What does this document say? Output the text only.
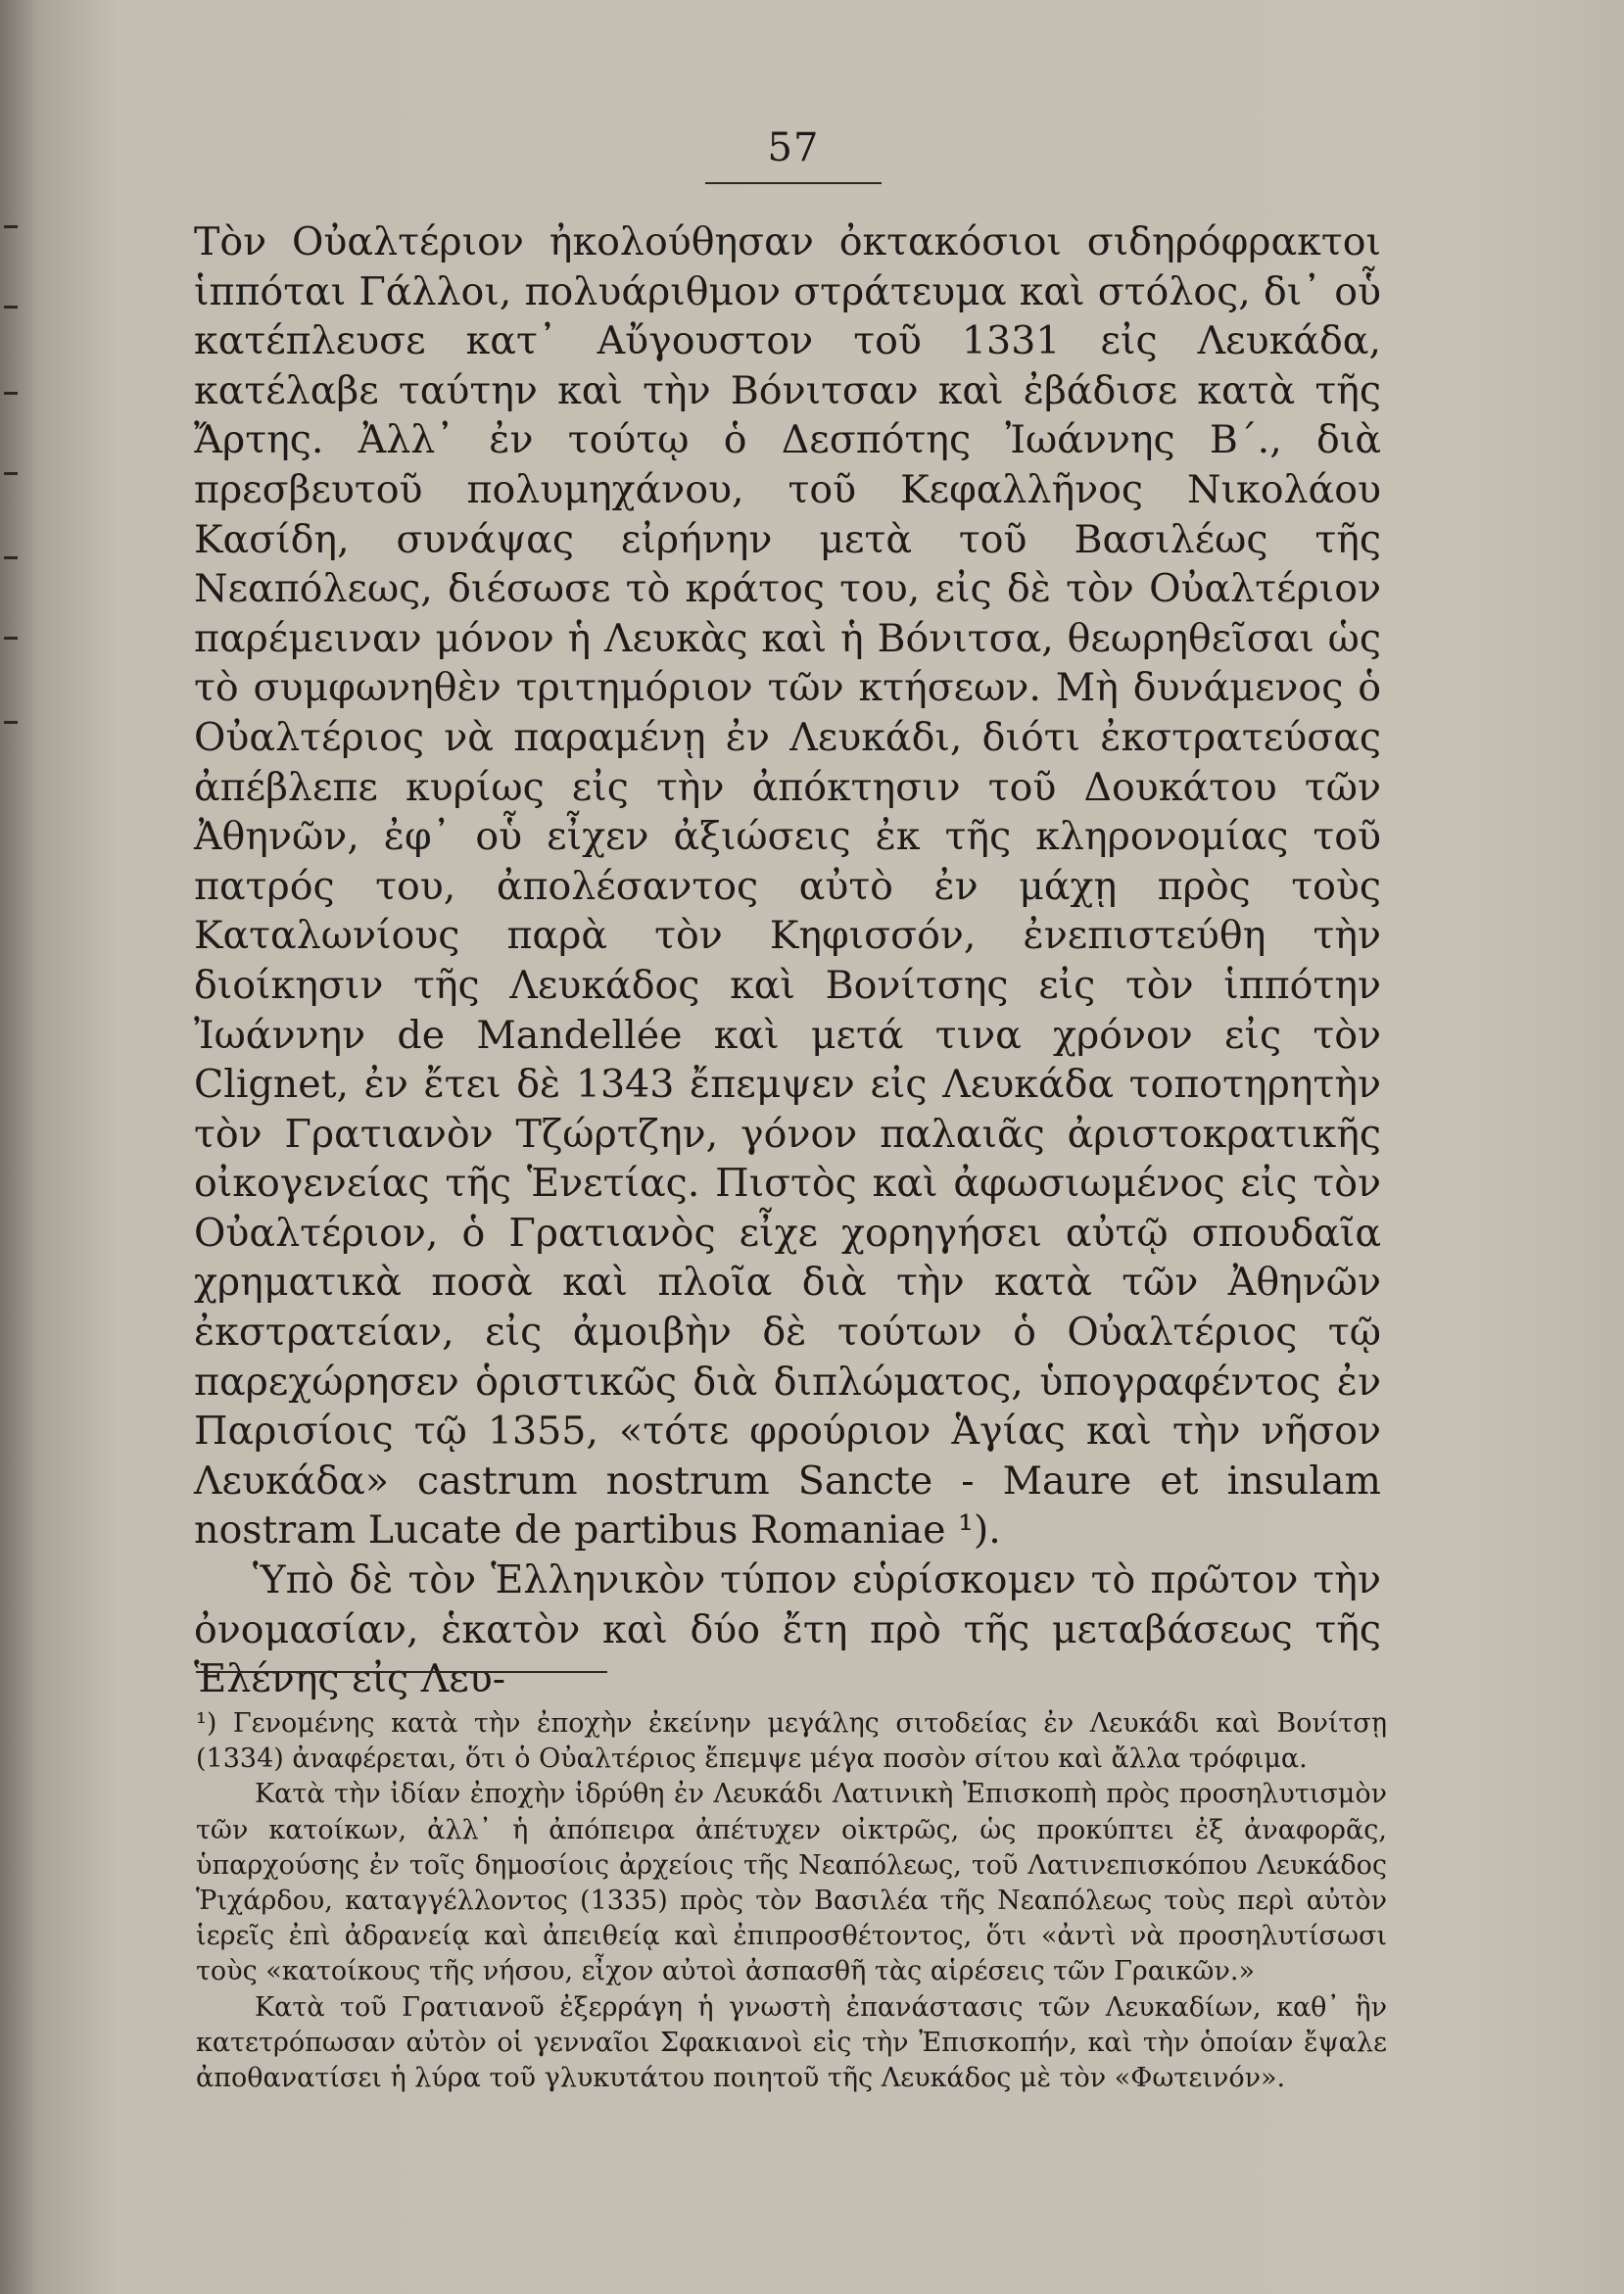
57

Τὸν Οὐαλτέριον ἠκολούθησαν ὀκτακόσιοι σιδηρόφρακτοι ἱππόται Γάλλοι, πολυάριθμον στράτευμα καὶ στόλος, δι᾽ οὗ κατέπλευσε κατ᾽ Αὔγουστον τοῦ 1331 εἰς Λευκάδα, κατέλαβε ταύτην καὶ τὴν Βόνιτσαν καὶ ἐβάδισε κατὰ τῆς Ἄρτης. Ἀλλ᾽ ἐν τούτῳ ὁ Δεσπότης Ἰωάννης Β΄., διὰ πρεσβευτοῦ πολυμηχάνου, τοῦ Κεφαλλῆνος Νικολάου Κασίδη, συνάψας εἰρήνην μετὰ τοῦ Βασιλέως τῆς Νεαπόλεως, διέσωσε τὸ κράτος του, εἰς δὲ τὸν Οὐαλτέριον παρέμειναν μόνον ἡ Λευκὰς καὶ ἡ Βόνιτσα, θεωρηθεῖσαι ὡς τὸ συμφωνηθὲν τριτημόριον τῶν κτήσεων. Μὴ δυνάμενος ὁ Οὐαλτέριος νὰ παραμένῃ ἐν Λευκάδι, διότι ἐκστρατεύσας ἀπέβλεπε κυρίως εἰς τὴν ἀπόκτησιν τοῦ Δουκάτου τῶν Ἀθηνῶν, ἐφ᾽ οὗ εἶχεν ἀξιώσεις ἐκ τῆς κληρονομίας τοῦ πατρός του, ἀπολέσαντος αὐτὸ ἐν μάχῃ πρὸς τοὺς Καταλωνίους παρὰ τὸν Κηφισσόν, ἐνεπιστεύθη τὴν διοίκησιν τῆς Λευκάδος καὶ Βονίτσης εἰς τὸν ἱππότην Ἰωάννην de Mandellée καὶ μετά τινα χρόνον εἰς τὸν Clignet, ἐν ἔτει δὲ 1343 ἔπεμψεν εἰς Λευκάδα τοποτηρητὴν τὸν Γρατιανὸν Τζώρτζην, γόνον παλαιᾶς ἀριστοκρατικῆς οἰκογενείας τῆς Ἑνετίας. Πιστὸς καὶ ἀφωσιωμένος εἰς τὸν Οὐαλτέριον, ὁ Γρατιανὸς εἶχε χορηγήσει αὐτῷ σπουδαῖα χρηματικὰ ποσὰ καὶ πλοῖα διὰ τὴν κατὰ τῶν Ἀθηνῶν ἐκστρατείαν, εἰς ἀμοιβὴν δὲ τούτων ὁ Οὐαλτέριος τῷ παρεχώρησεν ὁριστικῶς διὰ διπλώματος, ὑπογραφέντος ἐν Παρισίοις τῷ 1355, «τότε φρούριον Ἁγίας καὶ τὴν νῆσον Λευκάδα» castrum nostrum Sancte - Maure et insulam nostram Lucate de partibus Romaniae ¹).

Ὑπὸ δὲ τὸν Ἑλληνικὸν τύπον εὑρίσκομεν τὸ πρῶτον τὴν ὀνομασίαν, ἑκατὸν καὶ δύο ἔτη πρὸ τῆς μεταβάσεως τῆς Ἑλένης εἰς Λευ-

¹) Γενομένης κατὰ τὴν ἐποχὴν ἐκείνην μεγάλης σιτοδείας ἐν Λευκάδι καὶ Βονίτσῃ (1334) ἀναφέρεται, ὅτι ὁ Οὐαλτέριος ἔπεμψε μέγα ποσὸν σίτου καὶ ἄλλα τρόφιμα.

Κατὰ τὴν ἰδίαν ἐποχὴν ἱδρύθη ἐν Λευκάδι Λατινικὴ Ἐπισκοπὴ πρὸς προσηλυτισμὸν τῶν κατοίκων, ἀλλ᾽ ἡ ἀπόπειρα ἀπέτυχεν οἰκτρῶς, ὡς προκύπτει ἐξ ἀναφορᾶς, ὑπαρχούσης ἐν τοῖς δημοσίοις ἀρχείοις τῆς Νεαπόλεως, τοῦ Λατινεπισκόπου Λευκάδος Ῥιχάρδου, καταγγέλλοντος (1335) πρὸς τὸν Βασιλέα τῆς Νεαπόλεως τοὺς περὶ αὐτὸν ἱερεῖς ἐπὶ ἀδρανείᾳ καὶ ἀπειθείᾳ καὶ ἐπιπροσθέτοντος, ὅτι «ἀντὶ νὰ προσηλυτίσωσι τοὺς «κατοίκους τῆς νήσου, εἶχον αὐτοὶ ἀσπασθῆ τὰς αἱρέσεις τῶν Γραικῶν.»

Κατὰ τοῦ Γρατιανοῦ ἐξερράγη ἡ γνωστὴ ἐπανάστασις τῶν Λευκαδίων, καθ᾽ ἣν κατετρόπωσαν αὐτὸν οἱ γενναῖοι Σφακιανοὶ εἰς τὴν Ἐπισκοπήν, καὶ τὴν ὁποίαν ἔψαλε ἀποθανατίσει ἡ λύρα τοῦ γλυκυτάτου ποιητοῦ τῆς Λευκάδος μὲ τὸν «Φωτεινόν».
